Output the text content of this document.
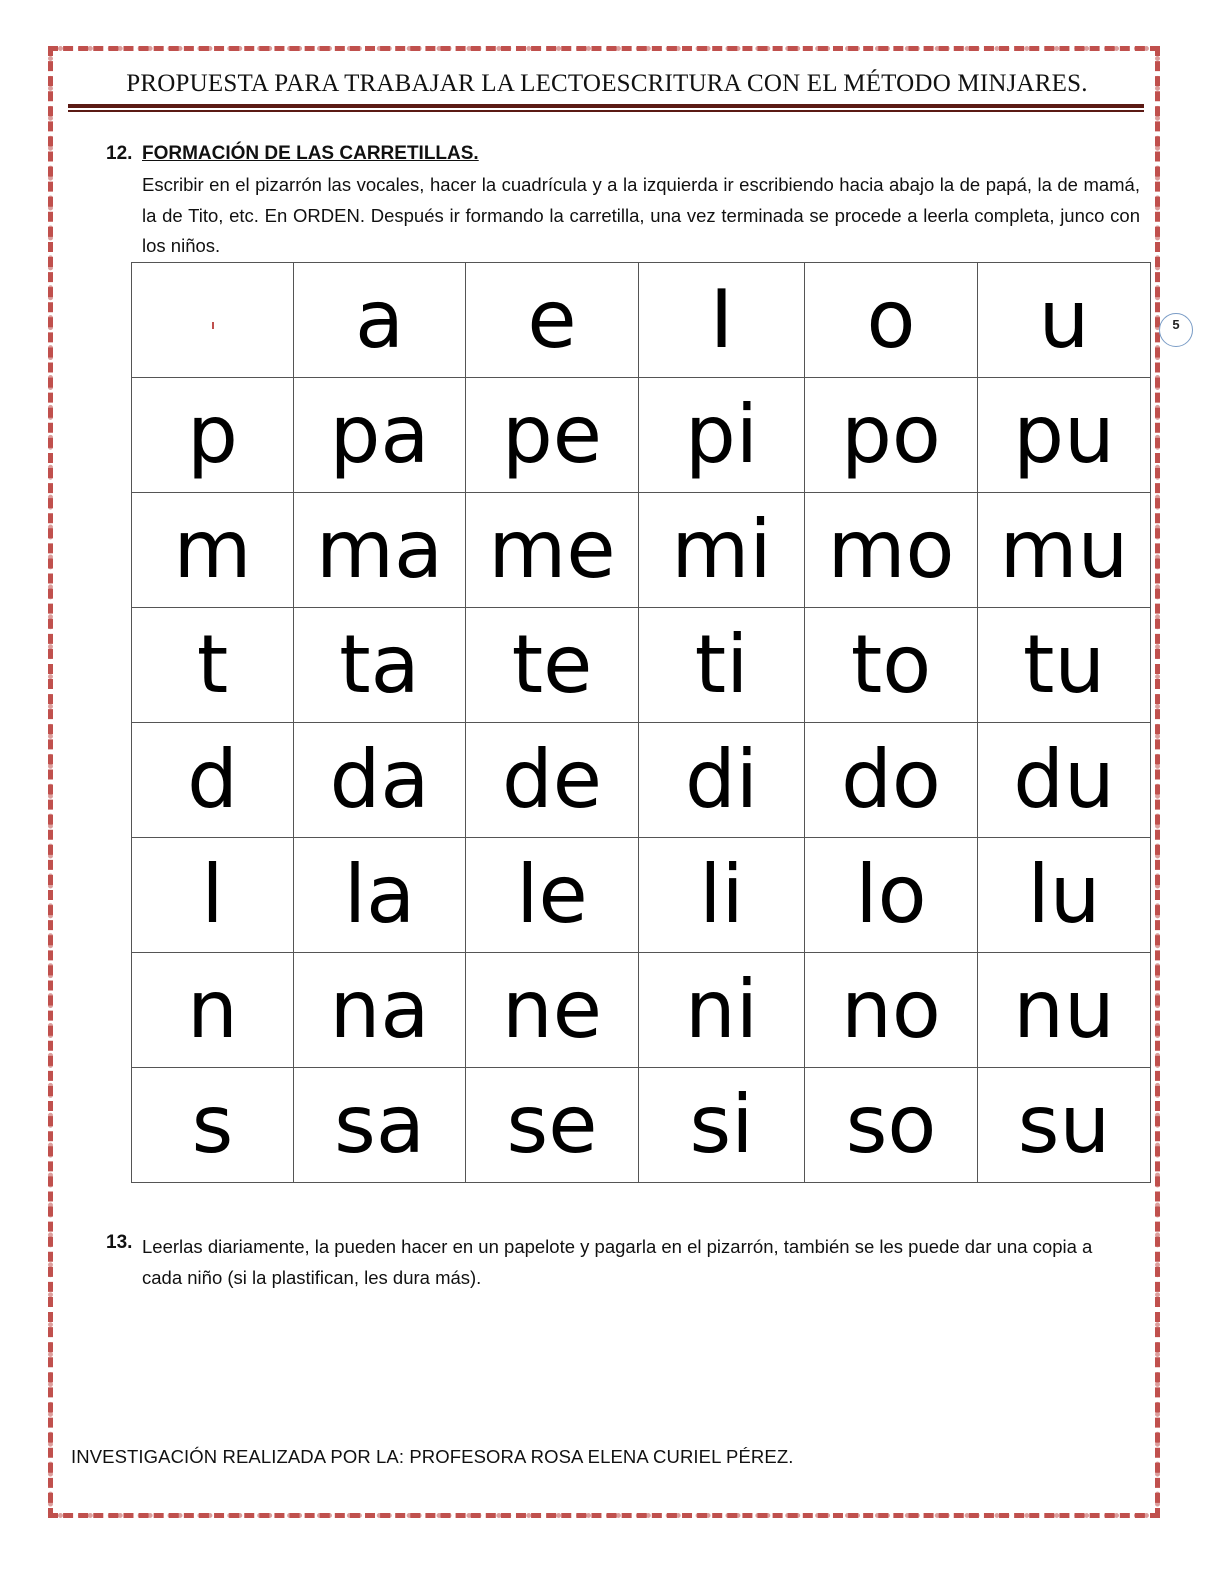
PROPUESTA PARA TRABAJAR LA LECTOESCRITURA CON EL MÉTODO MINJARES.
12. FORMACIÓN DE LAS CARRETILLAS.
Escribir en el pizarrón las vocales, hacer la cuadrícula y a la izquierda ir escribiendo hacia abajo la de papá, la de mamá, la de Tito, etc. En ORDEN. Después ir formando la carretilla, una vez terminada se procede a leerla completa, junco con los niños.
	a	e	I	o	u
p	pa	pe	pi	po	pu
m	ma	me	mi	mo	mu
t	ta	te	ti	to	tu
d	da	de	di	do	du
l	la	le	li	lo	lu
n	na	ne	ni	no	nu
s	sa	se	si	so	su
5
13. Leerlas diariamente, la pueden hacer en un papelote y pagarla en el pizarrón, también se les puede dar una copia a cada niño (si la plastifican, les dura más).
INVESTIGACIÓN REALIZADA POR LA: PROFESORA ROSA ELENA CURIEL PÉREZ.
